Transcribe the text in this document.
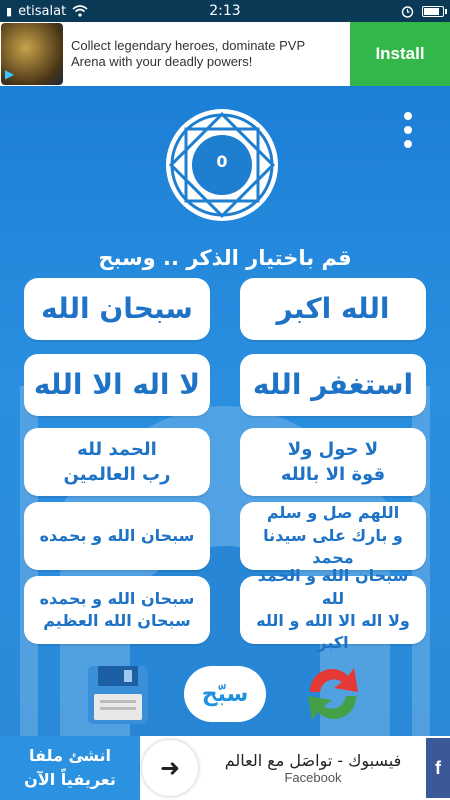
▮ etisalat	2:13
▶
Collect legendary heroes, dominate PVP Arena with your deadly powers!	Install
0
قم باختيار الذكر .. وسبح
الله اكبر
سبحان الله
استغفر الله
لا اله الا الله
لا حول ولا
قوة الا بالله
الحمد لله
رب العالمين
اللهم صل و سلم
و بارك على سيدنا محمد
سبحان الله و بحمده
سبحان الله و الحمد لله
ولا اله الا الله و الله اكبر
سبحان الله و بحمده
سبحان الله العظيم
سبّح
انشئ ملفا
تعريفياً الآن	➜	فيسبوك - تواصَل مع العالم
Facebook	f
